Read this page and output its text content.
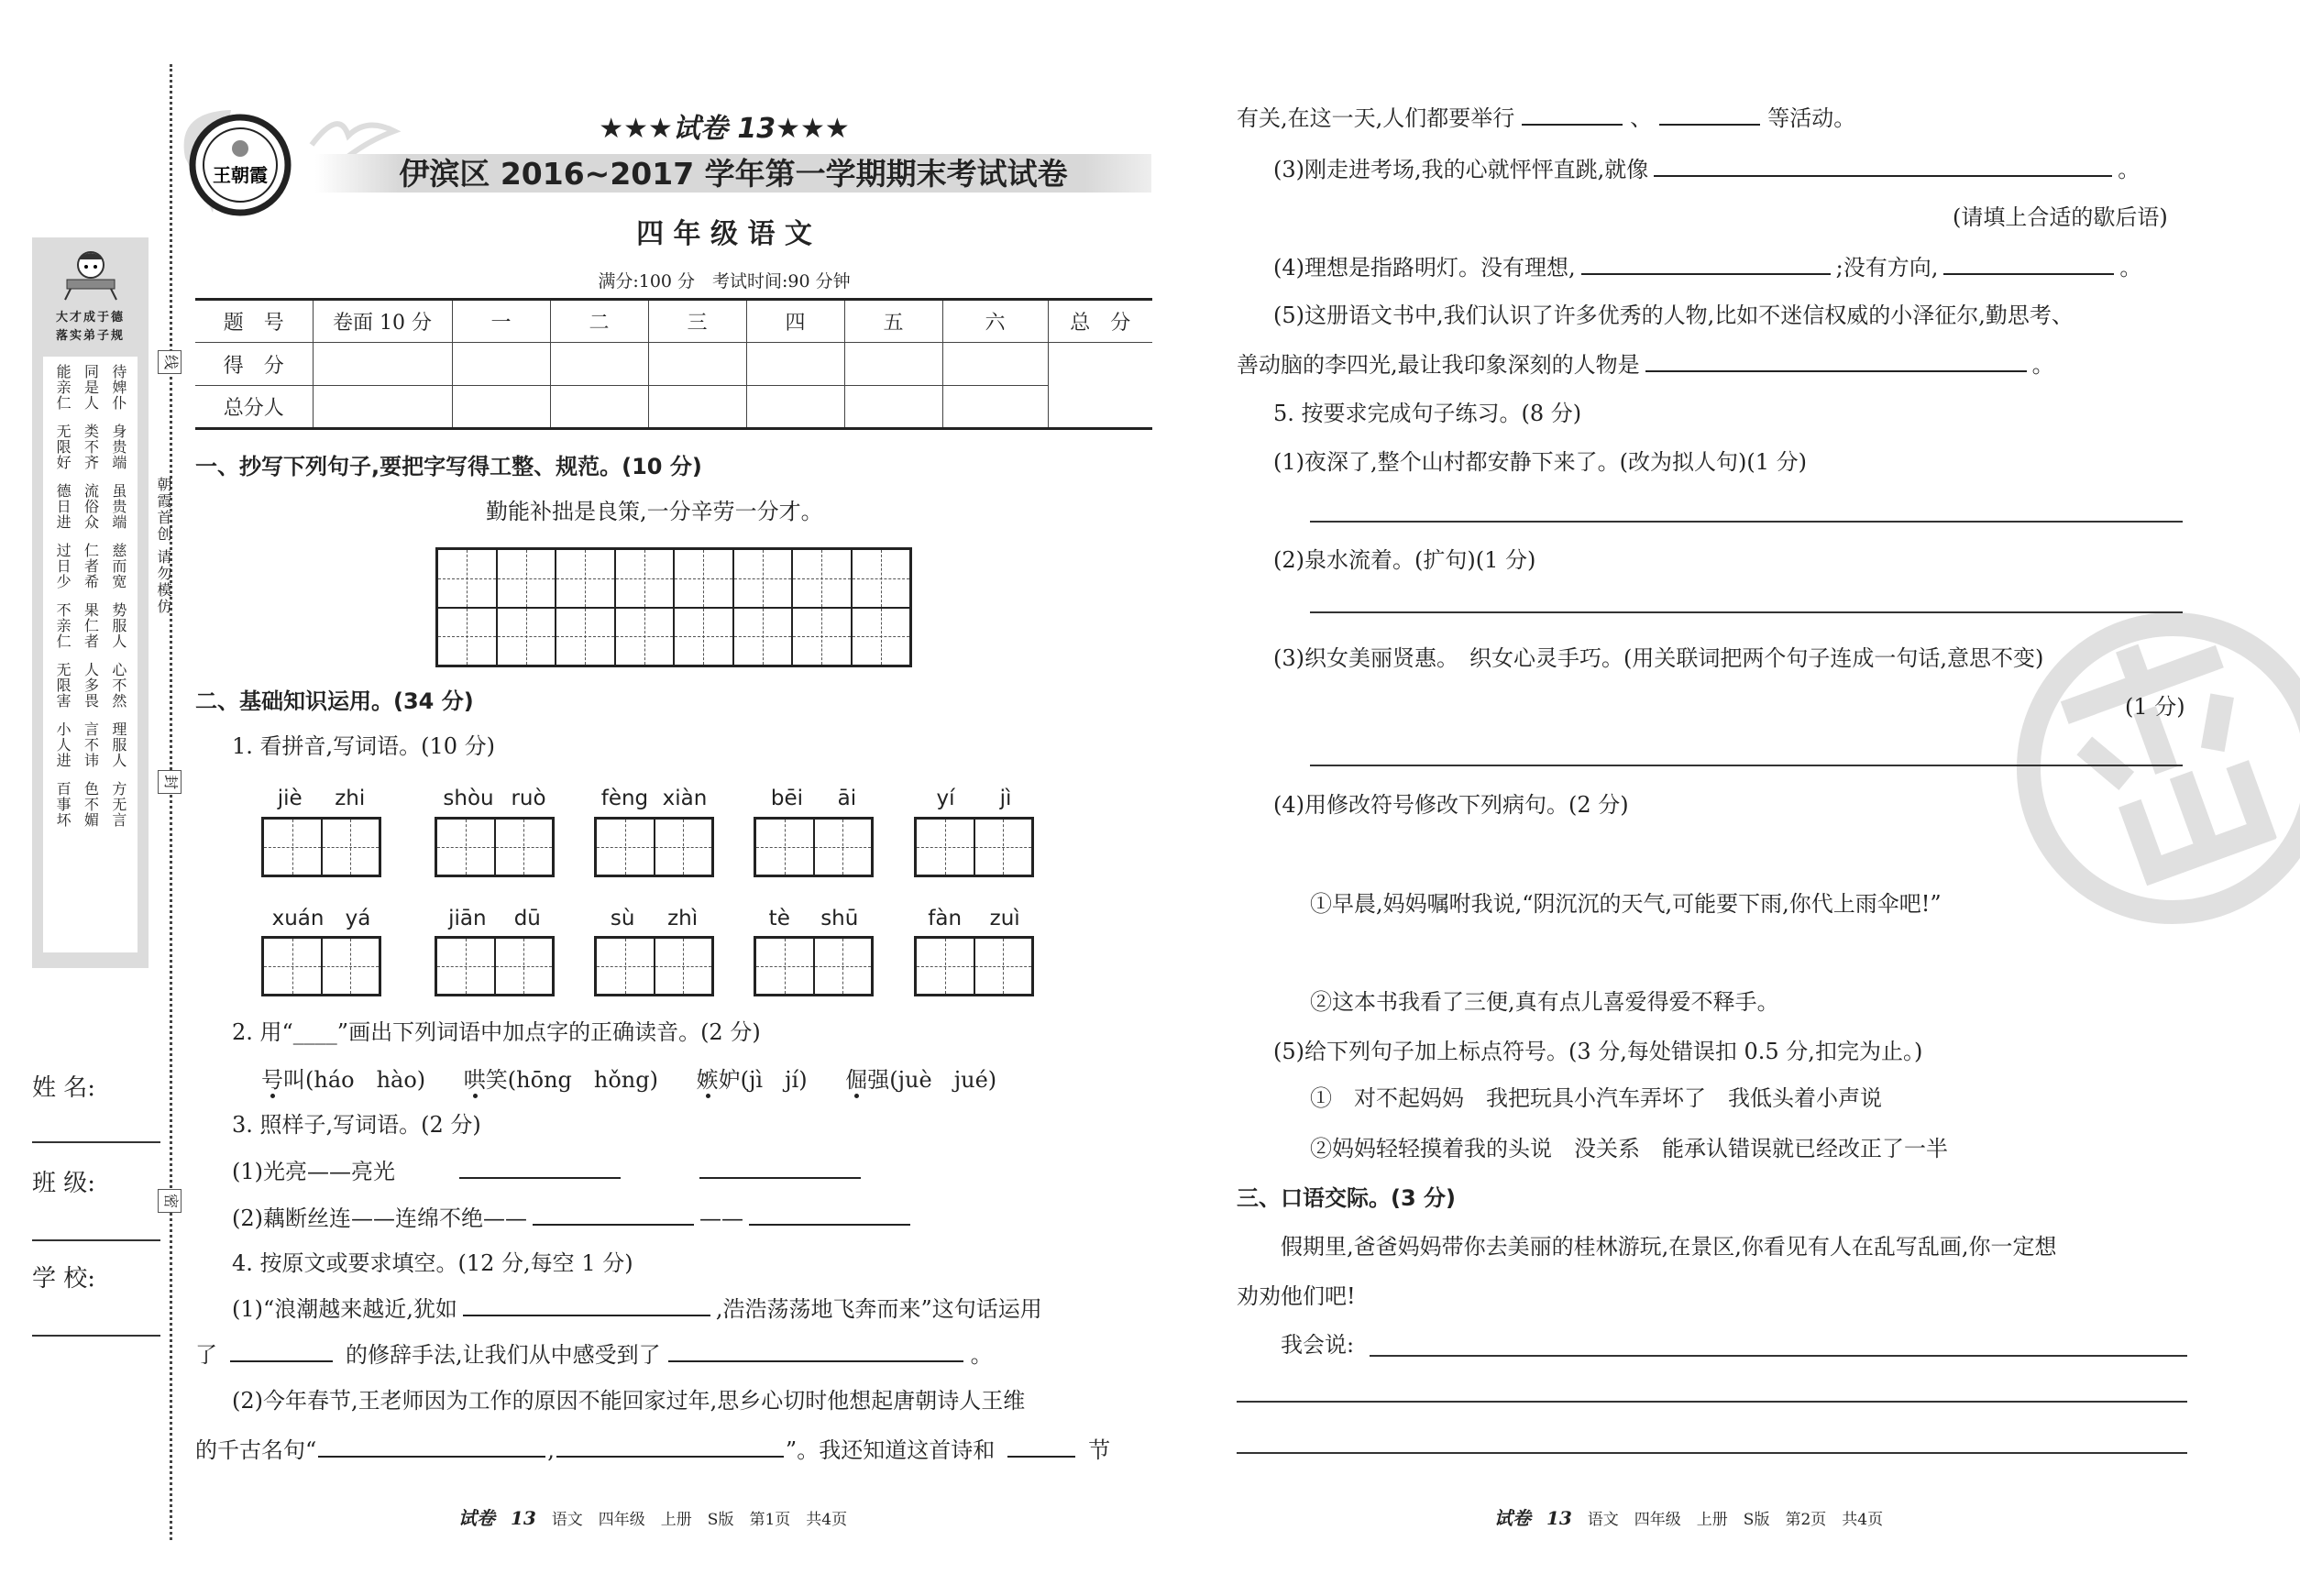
线
封
密
朝霞首创 请勿模仿
大才成于德
落实弟子规
能亲仁 同是人 待婢仆
无限好 类不齐 身贵端
德日进 流俗众 虽贵端
过日少 仁者希 慈而宽
不亲仁 果仁者 势服人
无限害 人多畏 心不然
小人进 言不讳 理服人
百事坏 色不媚 方无言
姓 名:
班 级:
学 校:
王朝霞
★★★试卷 13★★★
伊滨区 2016~2017 学年第一学期期末考试试卷
四 年 级 语 文
满分:100 分　考试时间:90 分钟
题　号	卷面 10 分	一	二	三	四	五	六	总　分
得　分								
总分人								
一、抄写下列句子,要把字写得工整、规范。(10 分)
勤能补拙是良策,一分辛劳一分才。
二、基础知识运用。(34 分)
1. 看拼音,写词语。(10 分)
jiè zhi	shòu ruò	fèng xiàn	bēi āi	yí jì
xuán yá	jiān dū	sù zhì	tè shū	fàn zuì
2. 用“____”画出下列词语中加点字的正确读音。(2 分)
号叫(háo　hào) 哄笑(hōng　hǒng) 嫉妒(jì　jí) 倔强(juè　jué)
3. 照样子,写词语。(2 分)
(1)光亮——亮光
(2)藕断丝连——连绵不绝——	——
4. 按原文或要求填空。(12 分,每空 1 分)
(1)“浪潮越来越近,犹如	,浩浩荡荡地飞奔而来”这句话运用
了	的修辞手法,让我们从中感受到了	。
(2)今年春节,王老师因为工作的原因不能回家过年,思乡心切时他想起唐朝诗人王维
的千古名句“	,	”。我还知道这首诗和	节
试卷 13　 语文　四年级　上册　S版　第1页　共4页
有关,在这一天,人们都要举行	、	等活动。
(3)刚走进考场,我的心就怦怦直跳,就像	。
(请填上合适的歇后语)
(4)理想是指路明灯。没有理想,	;没有方向,	。
(5)这册语文书中,我们认识了许多优秀的人物,比如不迷信权威的小泽征尔,勤思考、
善动脑的李四光,最让我印象深刻的人物是	。
5. 按要求完成句子练习。(8 分)
(1)夜深了,整个山村都安静下来了。(改为拟人句)(1 分)
(2)泉水流着。(扩句)(1 分)
(3)织女美丽贤惠。　织女心灵手巧。(用关联词把两个句子连成一句话,意思不变)
(1 分)
(4)用修改符号修改下列病句。(2 分)
①早晨,妈妈嘱咐我说,“阴沉沉的天气,可能要下雨,你代上雨伞吧!”
②这本书我看了三便,真有点儿喜爱得爱不释手。
(5)给下列句子加上标点符号。(3 分,每处错误扣 0.5 分,扣完为止。)
①　对不起妈妈　我把玩具小汽车弄坏了　我低头着小声说
②妈妈轻轻摸着我的头说　没关系　能承认错误就已经改正了一半
三、口语交际。(3 分)
假期里,爸爸妈妈带你去美丽的桂林游玩,在景区,你看见有人在乱写乱画,你一定想
劝劝他们吧!
我会说:
试卷 13　 语文　四年级　上册　S版　第2页　共4页
